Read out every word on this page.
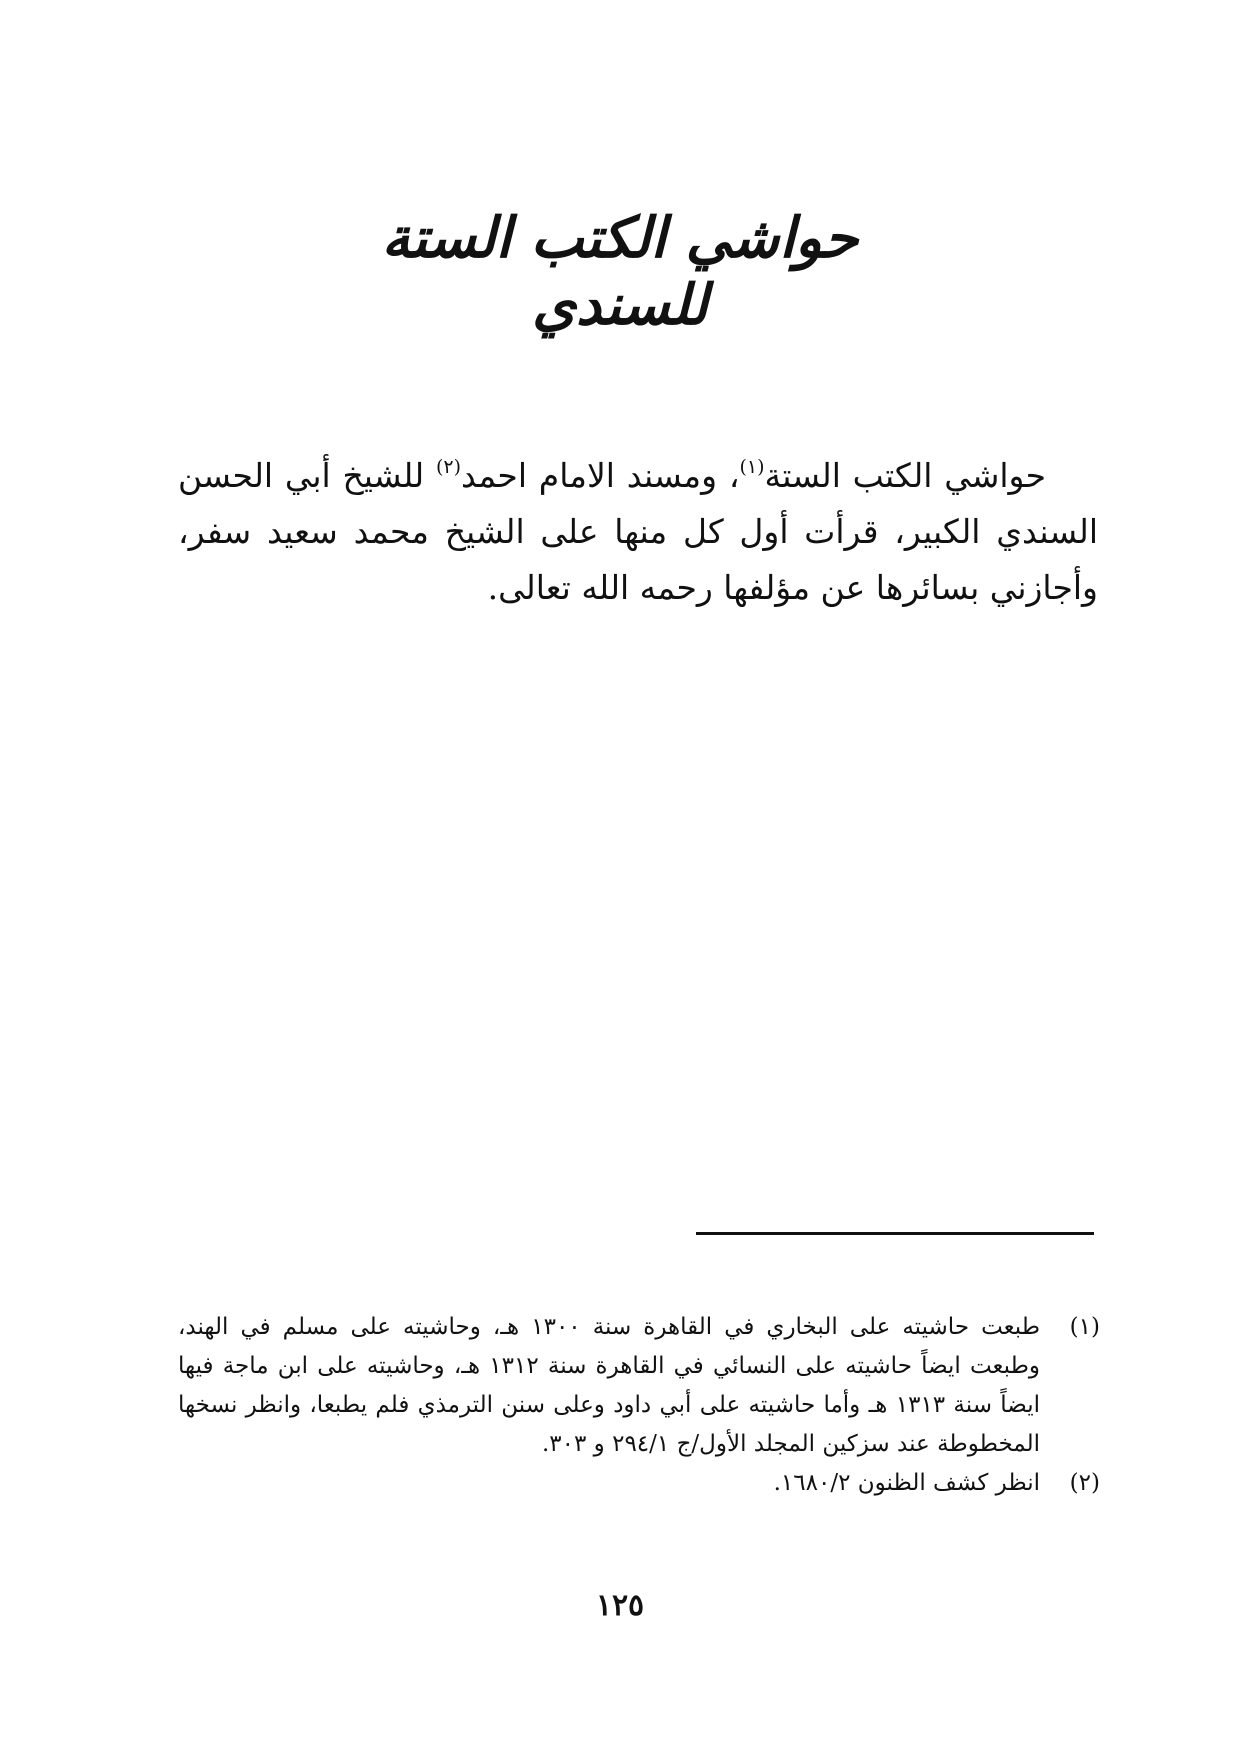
حواشي الكتب الستة للسندي
حواشي الكتب الستة$^{(١)}$، ومسند الامام احمد$^{(٢)}$ للشيخ أبي الحسن السندي الكبير، قرأت أول كل منها على الشيخ محمد سعيد سفر، وأجازني بسائرها عن مؤلفها رحمه الله تعالى.
(١)
طبعت حاشيته على البخاري في القاهرة سنة ١٣٠٠ هـ، وحاشيته على مسلم في الهند، وطبعت ايضاً حاشيته على النسائي في القاهرة سنة ١٣١٢ هـ، وحاشيته على ابن ماجة فيها ايضاً سنة ١٣١٣ هـ وأما حاشيته على أبي داود وعلى سنن الترمذي فلم يطبعا، وانظر نسخها المخطوطة عند سزكين المجلد الأول/ج ٢٩٤/١ و ٣٠٣.
(٢)
انظر كشف الظنون ١٦٨٠/٢.
١٢٥
